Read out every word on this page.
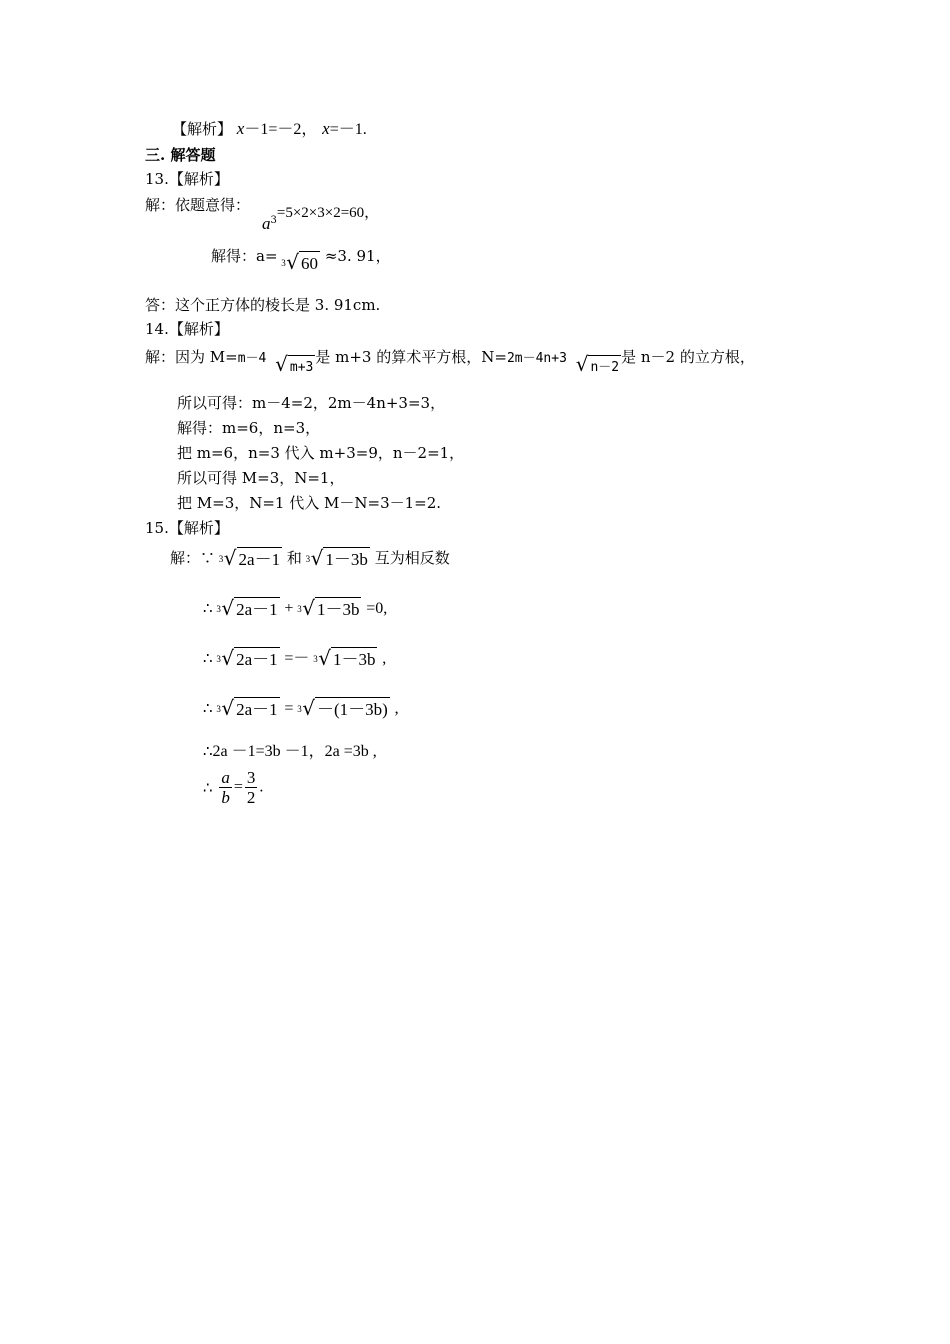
【解析】 x－1=－2， x=－1.
三. 解答题
13.【解析】
解：依题意得：
$a^3=5\times 2\times 3\times 2=60$，
解得：a= 3 √ 60 ≈3. 91，
答：这个正方体的棱长是 3. 91cm.
14.【解析】
解：因为 M=m－4 √ m+3是 m+3 的算术平方根，N=2m－4n+3 √ n－2是 n－2 的立方根，
所以可得：m－4=2，2m－4n+3=3，
解得：m=6，n=3，
把 m=6，n=3 代入 m+3=9，n－2=1，
所以可得 M=3，N=1，
把 M=3，N=1 代入 M－N=3－1=2.
15.【解析】
解：∵ 3 √ 2a－1 和 3 √ 1－3b 互为相反数
∴ 3 √ 2a－1 + 3 √ 1－3b =0,
∴ 3 √ 2a－1 =－ 3 √ 1－3b ,
∴ 3 √ 2a－1 = 3 √ －(1－3b) ,
∴2a －1=3b －1，2a =3b ,
∴ $\frac{a}{b} = \frac{3}{2}$ .
